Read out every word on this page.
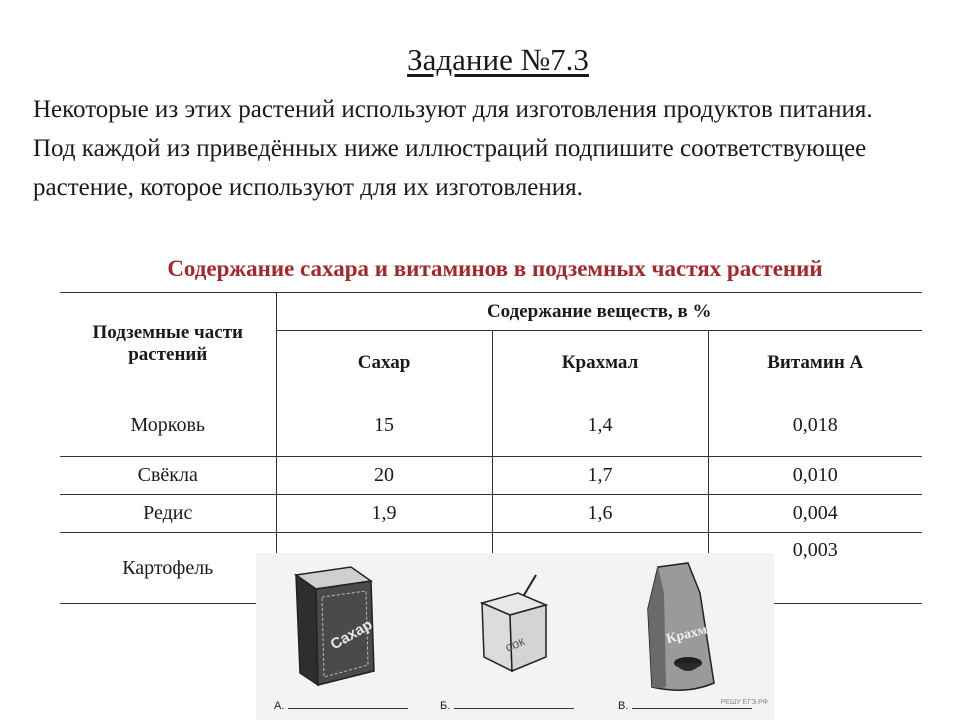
Задание №7.3

Некоторые из этих растений используют для изготовления продуктов питания. Под каждой из приведённых ниже иллюстраций подпишите соответствующее растение, которое используют для их изготовления.

Содержание сахара и витаминов в подземных частях растений
Подземные части растений	Содержание веществ, в %		
	Сахар	Крахмал	Витамин А
Морковь	15	1,4	0,018
Свёкла	20	1,7	0,010
Редис	1,9	1,6	0,004
Картофель			0,003
Сахар	сок	Крахмал
А.	Б.	В.	РЕШУ ЕГЭ.РФ
